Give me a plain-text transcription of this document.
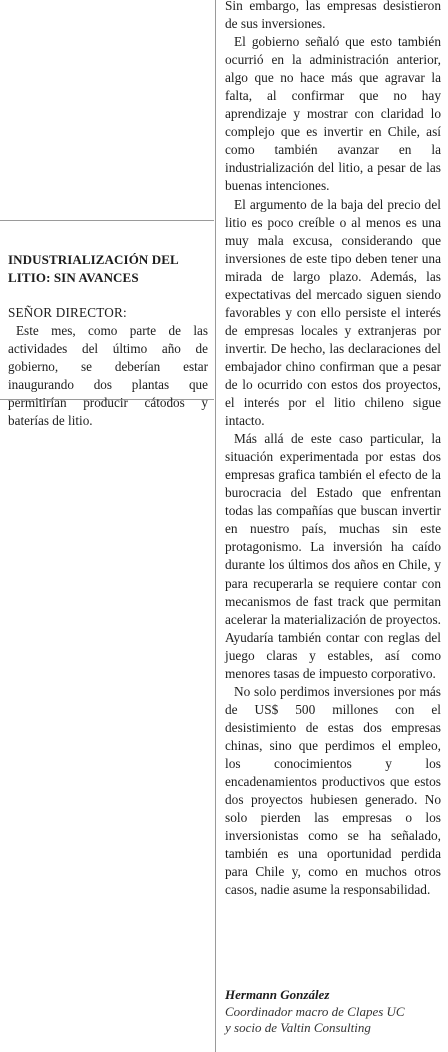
INDUSTRIALIZACIÓN DEL
LITIO: SIN AVANCES

SEÑOR DIRECTOR:

Este mes, como parte de las actividades del último año de gobierno, se deberían estar inaugurando dos plantas que permitirían producir cátodos y baterías de litio.

Sin embargo, las empresas desistieron de sus inversiones.

El gobierno señaló que esto también ocurrió en la administración anterior, algo que no hace más que agravar la falta, al confirmar que no hay aprendizaje y mostrar con claridad lo complejo que es invertir en Chile, así como también avanzar en la industrialización del litio, a pesar de las buenas intenciones.

El argumento de la baja del precio del litio es poco creíble o al menos es una muy mala excusa, considerando que inversiones de este tipo deben tener una mirada de largo plazo. Además, las expectativas del mercado siguen siendo favorables y con ello persiste el interés de empresas locales y extranjeras por invertir. De hecho, las declaraciones del embajador chino confirman que a pesar de lo ocurrido con estos dos proyectos, el interés por el litio chileno sigue intacto.

Más allá de este caso particular, la situación experimentada por estas dos empresas grafica también el efecto de la burocracia del Estado que enfrentan todas las compañías que buscan invertir en nuestro país, muchas sin este protagonismo. La inversión ha caído durante los últimos dos años en Chile, y para recuperarla se requiere contar con mecanismos de fast track que permitan acelerar la materialización de proyectos. Ayudaría también contar con reglas del juego claras y estables, así como menores tasas de impuesto corporativo.

No solo perdimos inversiones por más de US$ 500 millones con el desistimiento de estas dos empresas chinas, sino que perdimos el empleo, los conocimientos y los encadenamientos productivos que estos dos proyectos hubiesen generado. No solo pierden las empresas o los inversionistas como se ha señalado, también es una oportunidad perdida para Chile y, como en muchos otros casos, nadie asume la responsabilidad.

Hermann González
Coordinador macro de Clapes UC
y socio de Valtin Consulting
